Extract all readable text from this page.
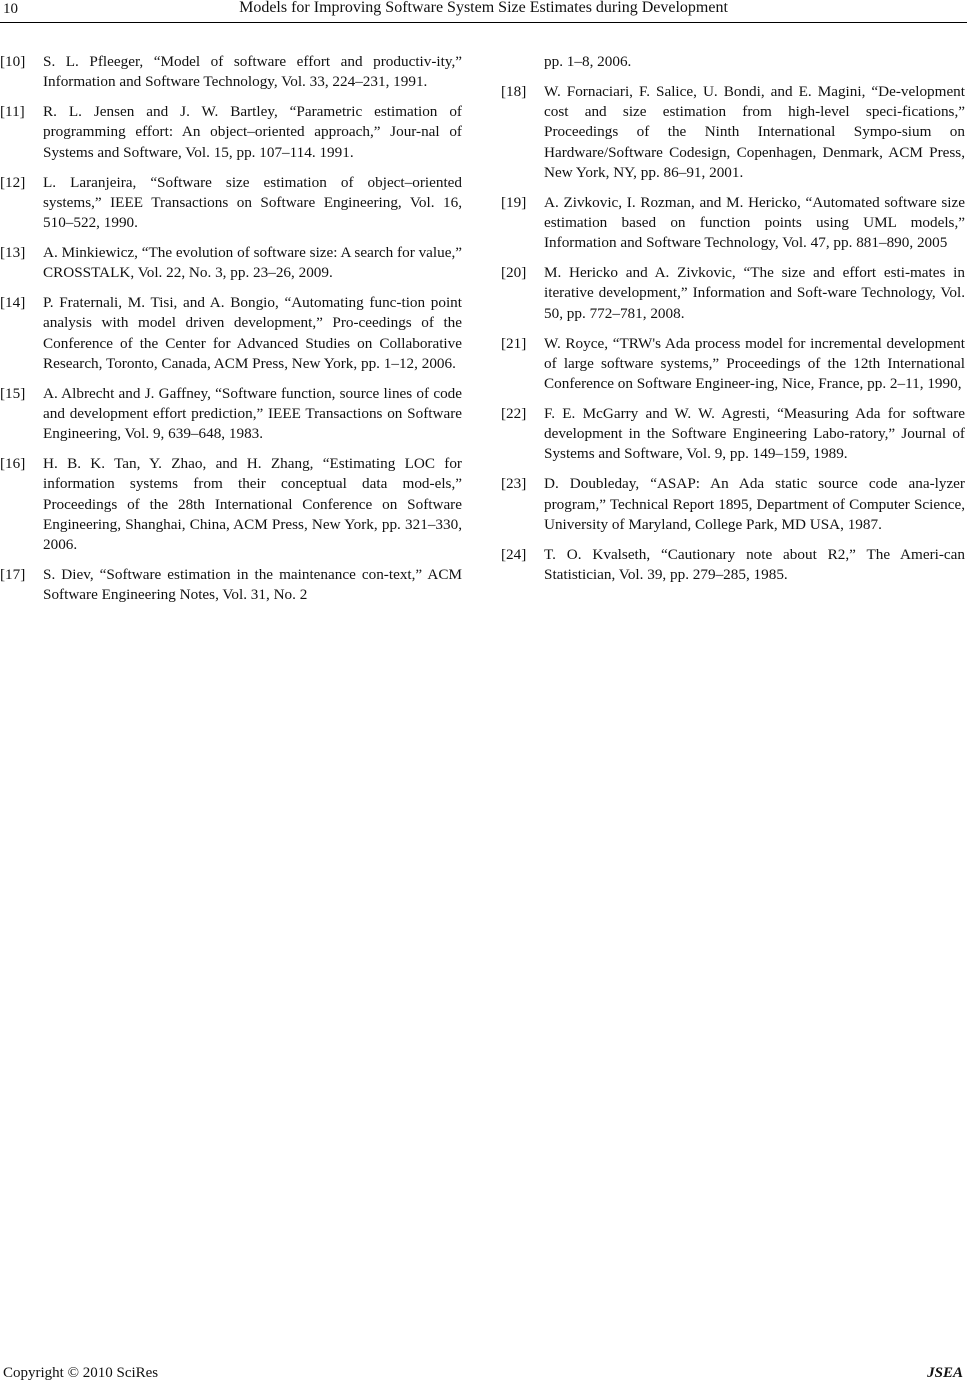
10	Models for Improving Software System Size Estimates during Development
[10]	S. L. Pfleeger, “Model of software effort and productiv-ity,” Information and Software Technology, Vol. 33, 224–231, 1991.
[11]	R. L. Jensen and J. W. Bartley, “Parametric estimation of programming effort: An object–oriented approach,” Jour-nal of Systems and Software, Vol. 15, pp. 107–114. 1991.
[12]	L. Laranjeira, “Software size estimation of object–oriented systems,” IEEE Transactions on Software Engineering, Vol. 16, 510–522, 1990.
[13]	A. Minkiewicz, “The evolution of software size: A search for value,” CROSSTALK, Vol. 22, No. 3, pp. 23–26, 2009.
[14]	P. Fraternali, M. Tisi, and A. Bongio, “Automating func-tion point analysis with model driven development,” Pro-ceedings of the Conference of the Center for Advanced Studies on Collaborative Research, Toronto, Canada, ACM Press, New York, pp. 1–12, 2006.
[15]	A. Albrecht and J. Gaffney, “Software function, source lines of code and development effort prediction,” IEEE Transactions on Software Engineering, Vol. 9, 639–648, 1983.
[16]	H. B. K. Tan, Y. Zhao, and H. Zhang, “Estimating LOC for information systems from their conceptual data mod-els,” Proceedings of the 28th International Conference on Software Engineering, Shanghai, China, ACM Press, New York, pp. 321–330, 2006.
[17]	S. Diev, “Software estimation in the maintenance con-text,” ACM Software Engineering Notes, Vol. 31, No. 2

pp. 1–8, 2006.

[18]	W. Fornaciari, F. Salice, U. Bondi, and E. Magini, “De-velopment cost and size estimation from high-level speci-fications,” Proceedings of the Ninth International Sympo-sium on Hardware/Software Codesign, Copenhagen, Denmark, ACM Press, New York, NY, pp. 86–91, 2001.
[19]	A. Zivkovic, I. Rozman, and M. Hericko, “Automated software size estimation based on function points using UML models,” Information and Software Technology, Vol. 47, pp. 881–890, 2005
[20]	M. Hericko and A. Zivkovic, “The size and effort esti-mates in iterative development,” Information and Soft-ware Technology, Vol. 50, pp. 772–781, 2008.
[21]	W. Royce, “TRW's Ada process model for incremental development of large software systems,” Proceedings of the 12th International Conference on Software Engineer-ing, Nice, France, pp. 2–11, 1990,
[22]	F. E. McGarry and W. W. Agresti, “Measuring Ada for software development in the Software Engineering Labo-ratory,” Journal of Systems and Software, Vol. 9, pp. 149–159, 1989.
[23]	D. Doubleday, “ASAP: An Ada static source code ana-lyzer program,” Technical Report 1895, Department of Computer Science, University of Maryland, College Park, MD USA, 1987.
[24]	T. O. Kvalseth, “Cautionary note about R2,” The Ameri-can Statistician, Vol. 39, pp. 279–285, 1985.
Copyright © 2010 SciRes	JSEA
